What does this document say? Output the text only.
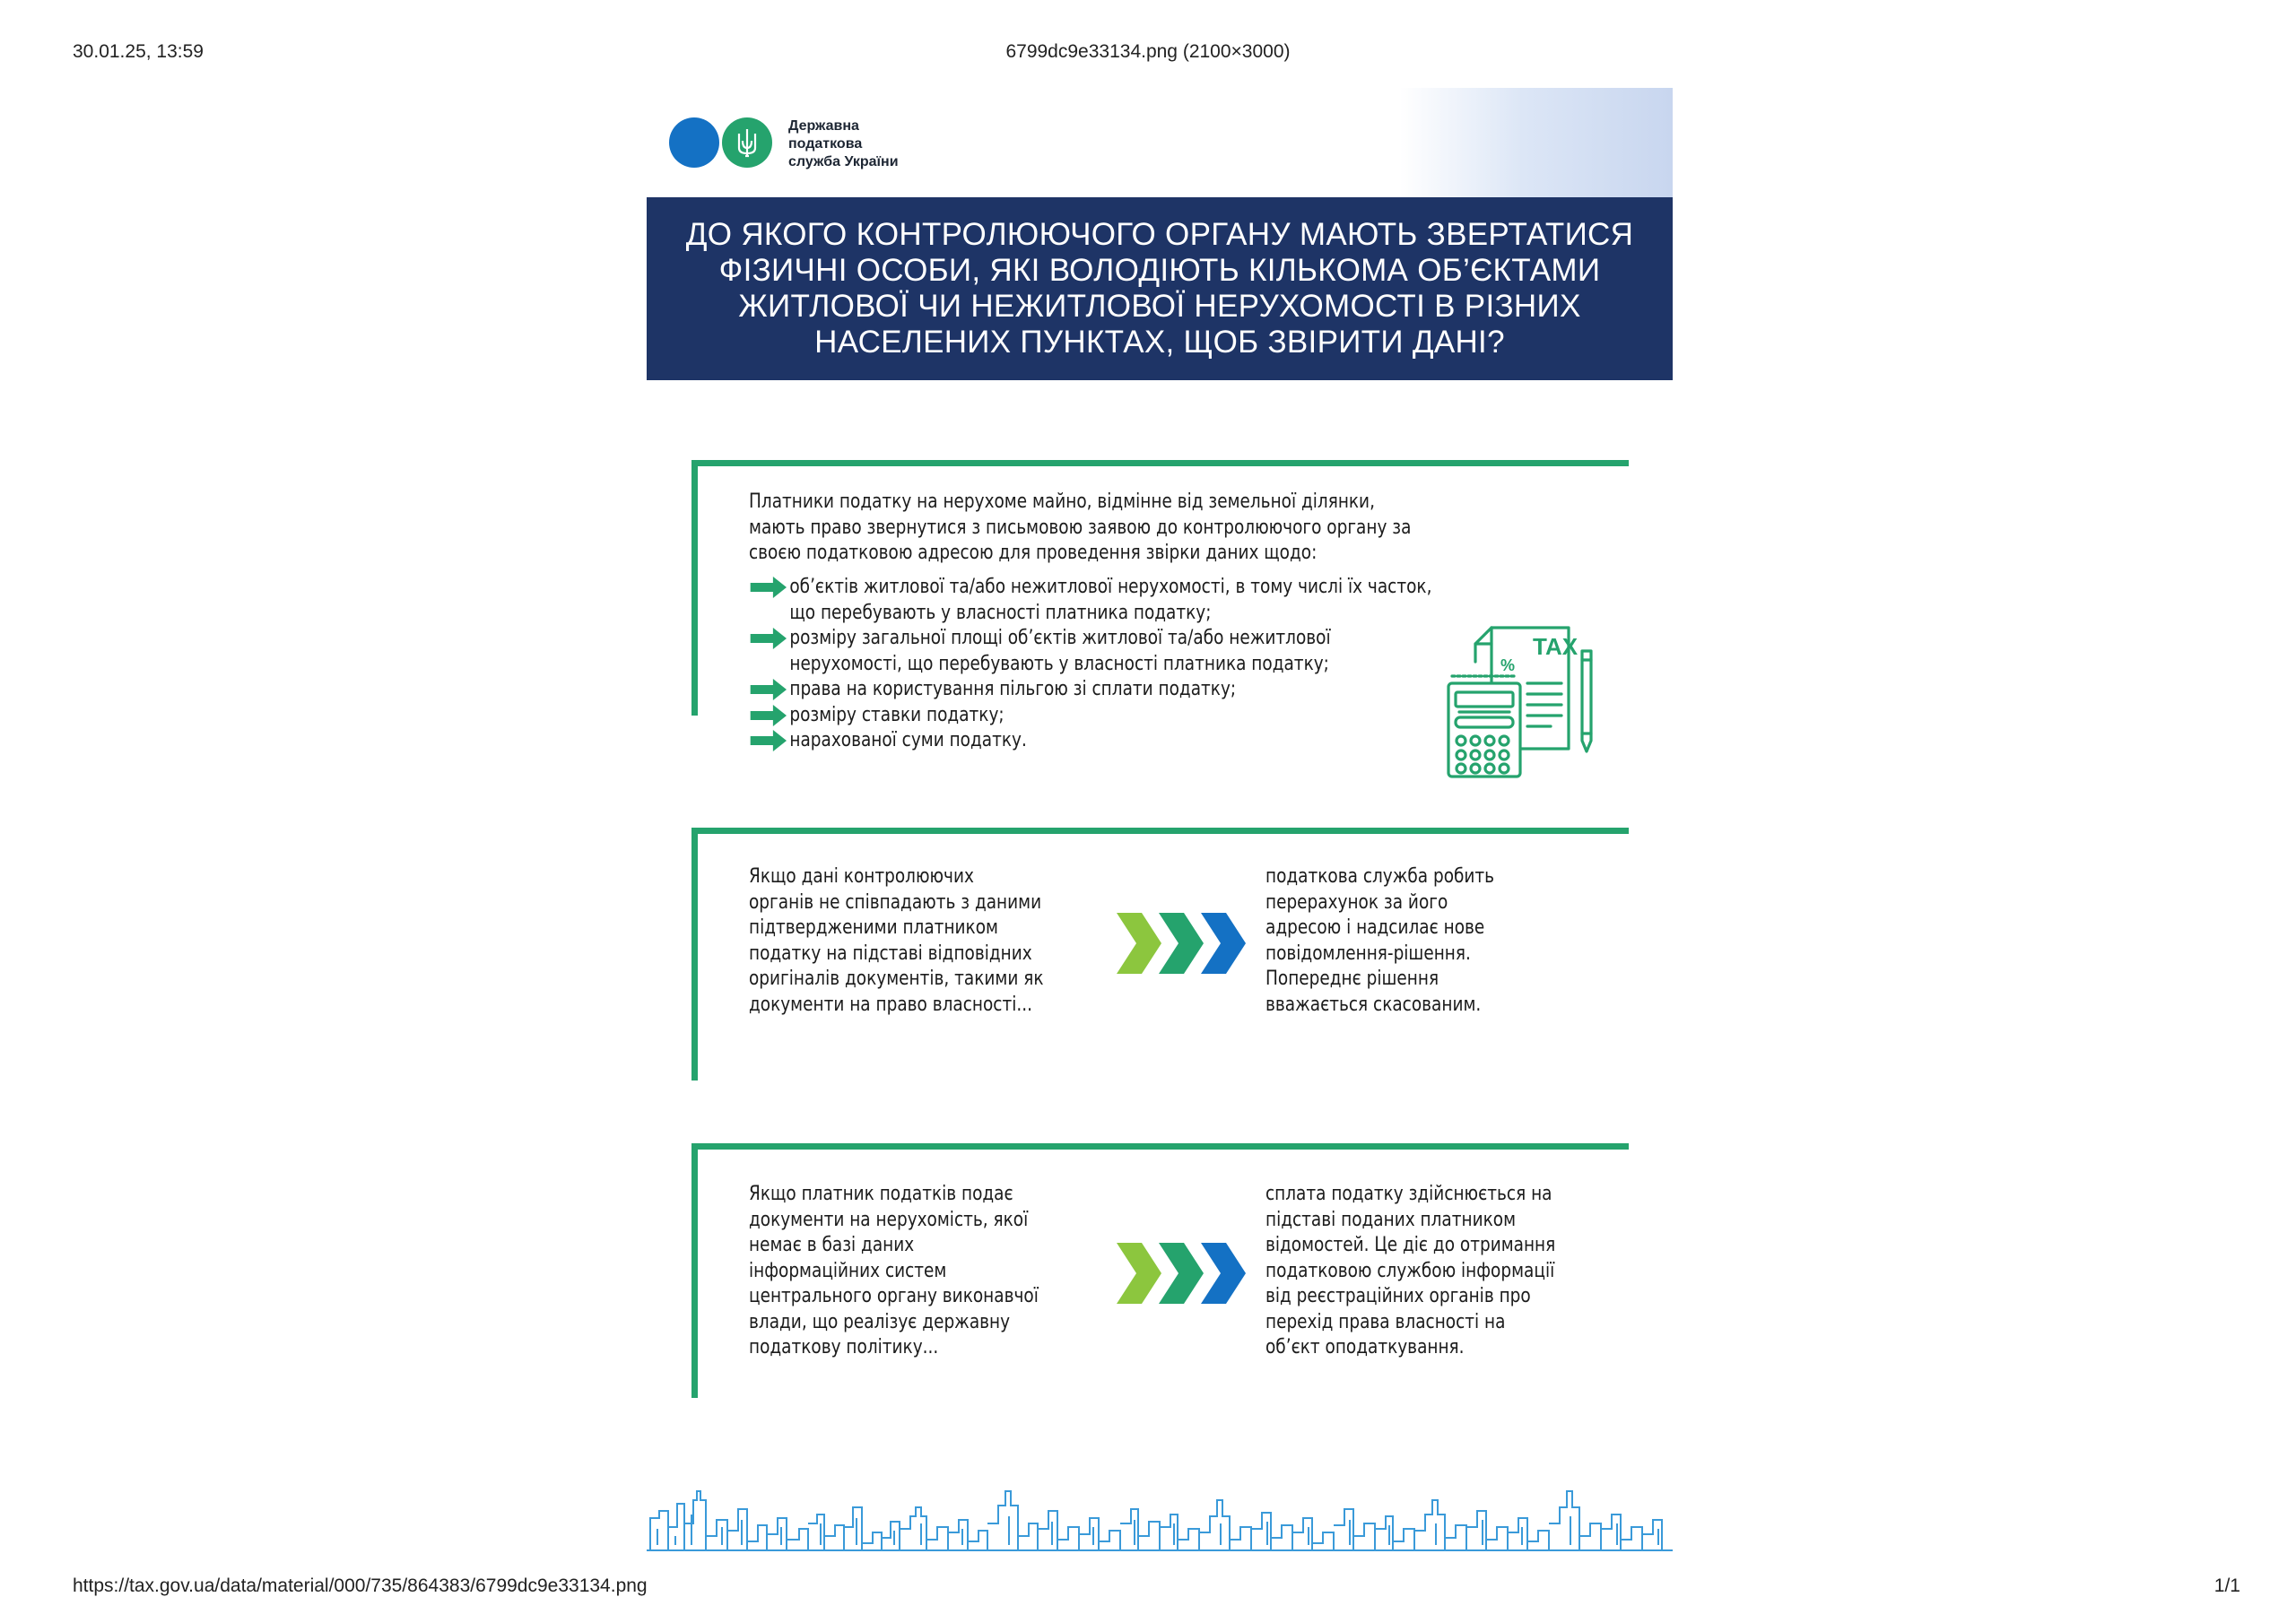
30.01.25, 13:59	6799dc9e33134.png (2100×3000)
Державна
податкова
служба України
ДО ЯКОГО КОНТРОЛЮЮЧОГО ОРГАНУ МАЮТЬ ЗВЕРТАТИСЯ ФІЗИЧНІ ОСОБИ, ЯКІ ВОЛОДІЮТЬ КІЛЬКОМА ОБ’ЄКТАМИ ЖИТЛОВОЇ ЧИ НЕЖИТЛОВОЇ НЕРУХОМОСТІ В РІЗНИХ НАСЕЛЕНИХ ПУНКТАХ, ЩОБ ЗВІРИТИ ДАНІ?
Платники податку на нерухоме майно, відмінне від земельної ділянки,
мають право звернутися з письмовою заявою до контролюючого органу за
своєю податковою адресою для проведення звірки даних щодо:
об’єктів житлової та/або нежитлової нерухомості, в тому числі їх часток,
що перебувають у власності платника податку;
розміру загальної площі об’єктів житлової та/або нежитлової
нерухомості, що перебувають у власності платника податку;
права на користування пільгою зі сплати податку;
розміру ставки податку;
нарахованої суми податку.
TAX
%
Якщо дані контролюючих
органів не співпадають з даними
підтвердженими платником
податку на підставі відповідних
оригіналів документів, такими як
документи на право власності...
податкова служба робить
перерахунок за його
адресою і надсилає нове
повідомлення-рішення.
Попереднє рішення
вважається скасованим.
Якщо платник податків подає
документи на нерухомість, якої
немає в базі даних
інформаційних систем
центрального органу виконавчої
влади, що реалізує державну
податкову політику...
сплата податку здійснюється на
підставі поданих платником
відомостей. Це діє до отримання
податковою службою інформації
від реєстраційних органів про
перехід права власності на
об’єкт оподаткування.
https://tax.gov.ua/data/material/000/735/864383/6799dc9e33134.png	1/1
